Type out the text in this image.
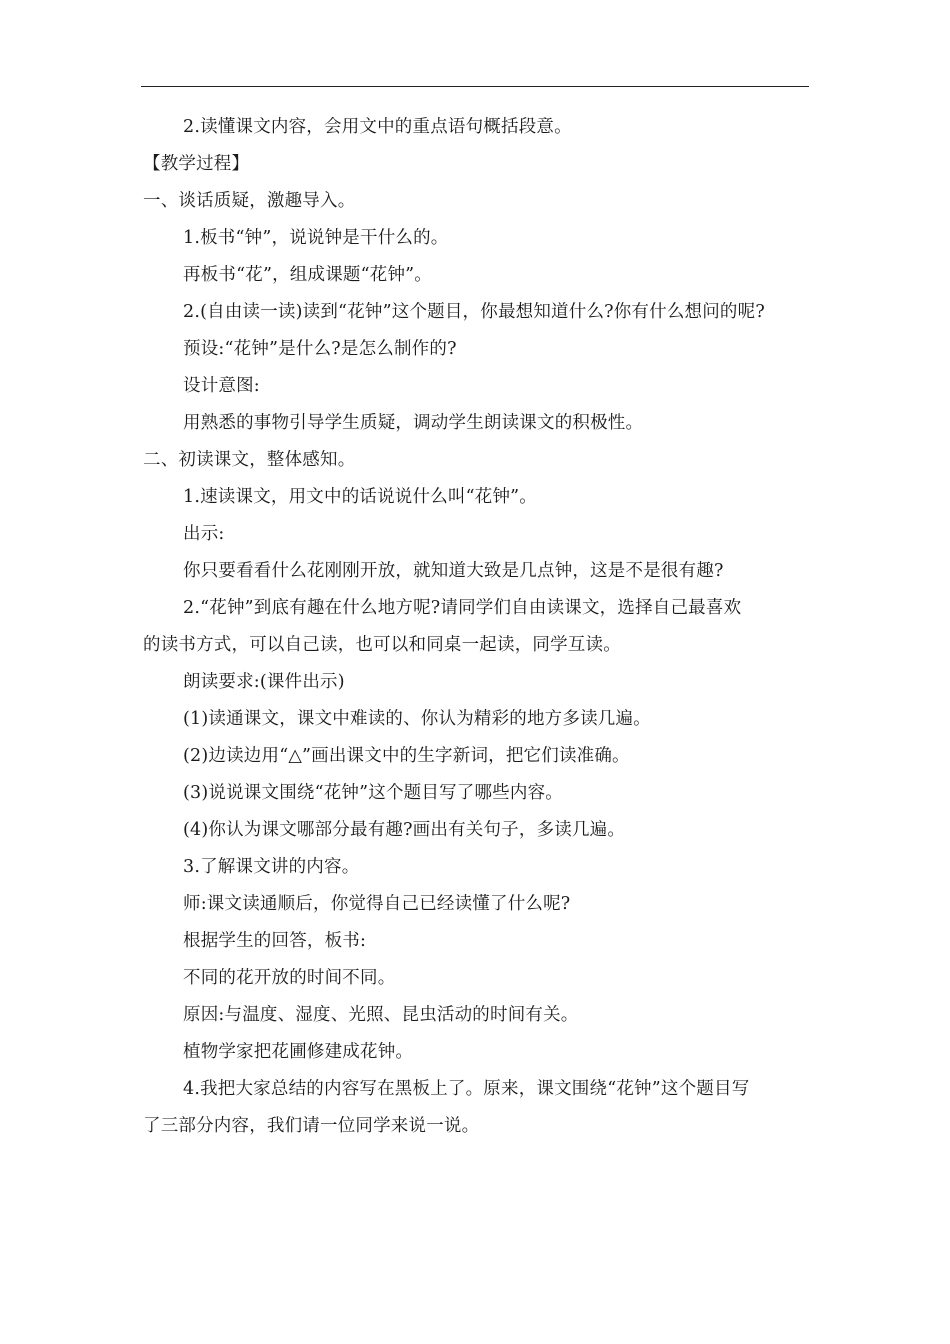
2.读懂课文内容，会用文中的重点语句概括段意。
【教学过程】
一、谈话质疑，激趣导入。
1.板书“钟”，说说钟是干什么的。
再板书“花”，组成课题“花钟”。
2.(自由读一读)读到“花钟”这个题目，你最想知道什么?你有什么想问的呢?
预设:“花钟”是什么?是怎么制作的?
设计意图:
用熟悉的事物引导学生质疑，调动学生朗读课文的积极性。
二、初读课文，整体感知。
1.速读课文，用文中的话说说什么叫“花钟”。
出示:
你只要看看什么花刚刚开放，就知道大致是几点钟，这是不是很有趣?
2.“花钟”到底有趣在什么地方呢?请同学们自由读课文，选择自己最喜欢
的读书方式，可以自己读，也可以和同桌一起读，同学互读。
朗读要求:(课件出示)
(1)读通课文，课文中难读的、你认为精彩的地方多读几遍。
(2)边读边用“△”画出课文中的生字新词，把它们读准确。
(3)说说课文围绕“花钟”这个题目写了哪些内容。
(4)你认为课文哪部分最有趣?画出有关句子，多读几遍。
3.了解课文讲的内容。
师:课文读通顺后，你觉得自己已经读懂了什么呢?
根据学生的回答，板书:
不同的花开放的时间不同。
原因:与温度、湿度、光照、昆虫活动的时间有关。
植物学家把花圃修建成花钟。
4.我把大家总结的内容写在黑板上了。原来，课文围绕“花钟”这个题目写
了三部分内容，我们请一位同学来说一说。
